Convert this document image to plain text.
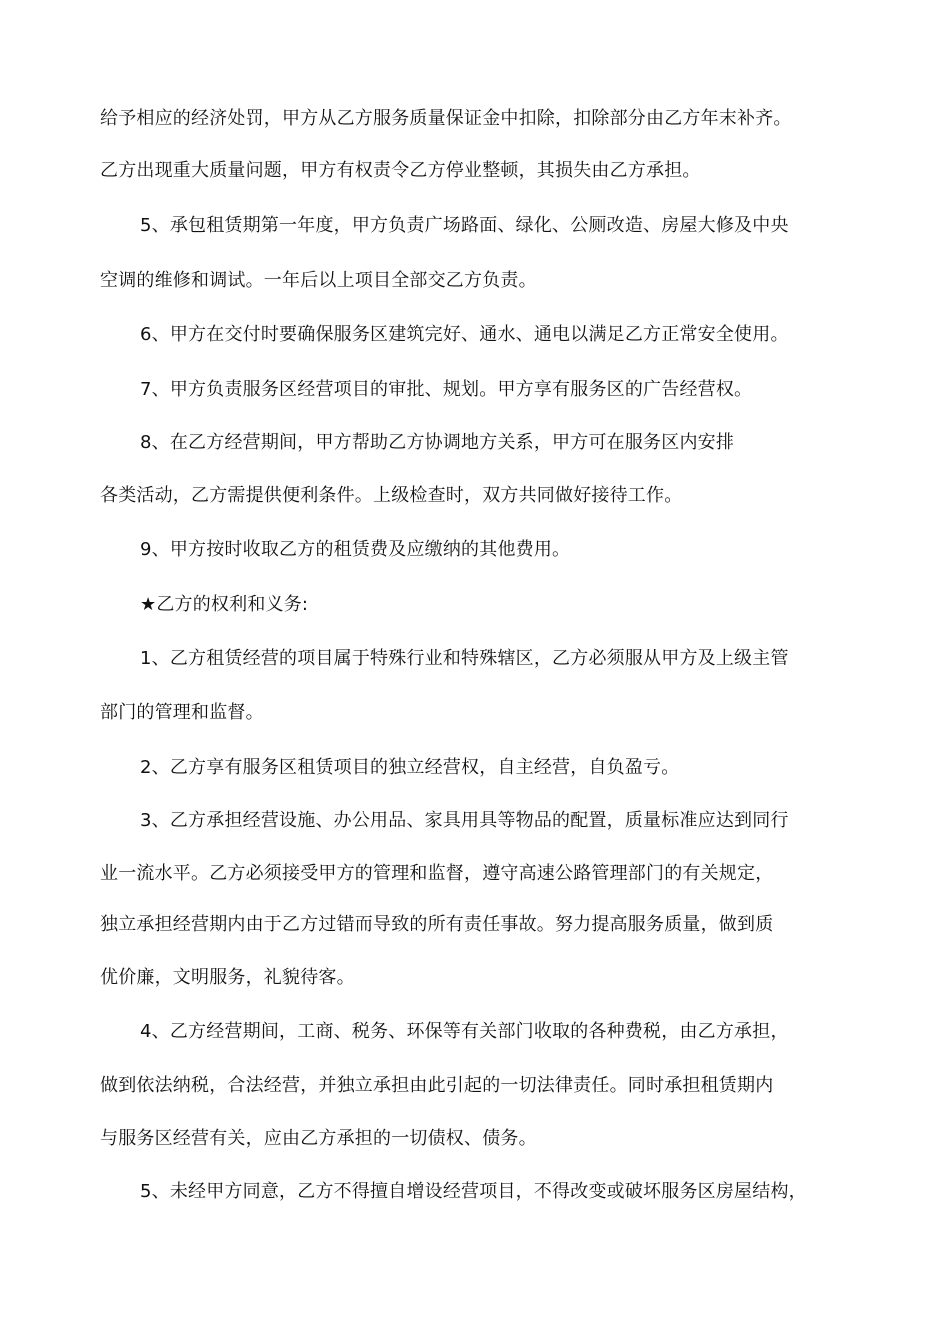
给予相应的经济处罚，甲方从乙方服务质量保证金中扣除，扣除部分由乙方年末补齐。
乙方出现重大质量问题，甲方有权责令乙方停业整顿，其损失由乙方承担。
5、承包租赁期第一年度，甲方负责广场路面、绿化、公厕改造、房屋大修及中央
空调的维修和调试。一年后以上项目全部交乙方负责。
6、甲方在交付时要确保服务区建筑完好、通水、通电以满足乙方正常安全使用。
7、甲方负责服务区经营项目的审批、规划。甲方享有服务区的广告经营权。
8、在乙方经营期间，甲方帮助乙方协调地方关系，甲方可在服务区内安排
各类活动，乙方需提供便利条件。上级检查时，双方共同做好接待工作。
9、甲方按时收取乙方的租赁费及应缴纳的其他费用。
★乙方的权利和义务:
1、乙方租赁经营的项目属于特殊行业和特殊辖区，乙方必须服从甲方及上级主管
部门的管理和监督。
2、乙方享有服务区租赁项目的独立经营权，自主经营，自负盈亏。
3、乙方承担经营设施、办公用品、家具用具等物品的配置，质量标准应达到同行
业一流水平。乙方必须接受甲方的管理和监督，遵守高速公路管理部门的有关规定，
独立承担经营期内由于乙方过错而导致的所有责任事故。努力提高服务质量，做到质
优价廉，文明服务，礼貌待客。
4、乙方经营期间，工商、税务、环保等有关部门收取的各种费税，由乙方承担，
做到依法纳税，合法经营，并独立承担由此引起的一切法律责任。同时承担租赁期内
与服务区经营有关，应由乙方承担的一切债权、债务。
5、未经甲方同意，乙方不得擅自增设经营项目，不得改变或破坏服务区房屋结构，
